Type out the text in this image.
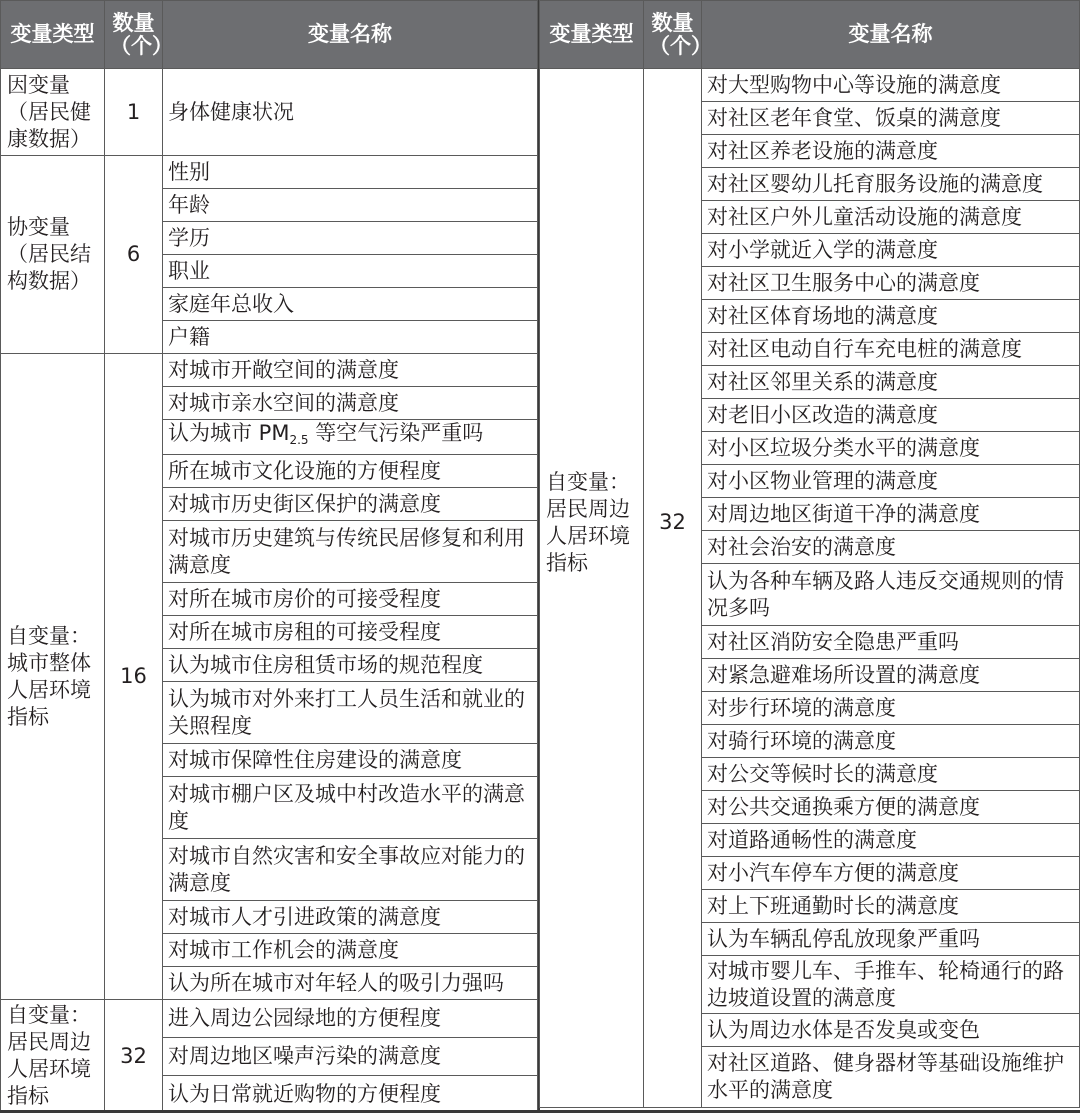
变量类型	数量（个）	变量名称
因变量（居民健康数据）	1	身体健康状况
协变量（居民结构数据）	6	性别
		年龄
		学历
		职业
		家庭年总收入
		户籍
自变量：城市整体人居环境指标	16	对城市开敞空间的满意度
		对城市亲水空间的满意度
		认为城市 $PM_{2.5}$ 等空气污染严重吗
		所在城市文化设施的方便程度
		对城市历史街区保护的满意度
		对城市历史建筑与传统民居修复和利用满意度
		对所在城市房价的可接受程度
		对所在城市房租的可接受程度
		认为城市住房租赁市场的规范程度
		认为城市对外来打工人员生活和就业的关照程度
		对城市保障性住房建设的满意度
		对城市棚户区及城中村改造水平的满意度
		对城市自然灾害和安全事故应对能力的满意度
		对城市人才引进政策的满意度
		对城市工作机会的满意度
		认为所在城市对年轻人的吸引力强吗
自变量：居民周边人居环境指标	32	进入周边公园绿地的方便程度
		对周边地区噪声污染的满意度
		认为日常就近购物的方便程度
变量类型	数量（个）	变量名称
自变量：居民周边人居环境指标	32	对大型购物中心等设施的满意度
		对社区老年食堂、饭桌的满意度
		对社区养老设施的满意度
		对社区婴幼儿托育服务设施的满意度
		对社区户外儿童活动设施的满意度
		对小学就近入学的满意度
		对社区卫生服务中心的满意度
		对社区体育场地的满意度
		对社区电动自行车充电桩的满意度
		对社区邻里关系的满意度
		对老旧小区改造的满意度
		对小区垃圾分类水平的满意度
		对小区物业管理的满意度
		对周边地区街道干净的满意度
		对社会治安的满意度
		认为各种车辆及路人违反交通规则的情况多吗
		对社区消防安全隐患严重吗
		对紧急避难场所设置的满意度
		对步行环境的满意度
		对骑行环境的满意度
		对公交等候时长的满意度
		对公共交通换乘方便的满意度
		对道路通畅性的满意度
		对小汽车停车方便的满意度
		对上下班通勤时长的满意度
		认为车辆乱停乱放现象严重吗
		对城市婴儿车、手推车、轮椅通行的路边坡道设置的满意度
		认为周边水体是否发臭或变色
		对社区道路、健身器材等基础设施维护水平的满意度
